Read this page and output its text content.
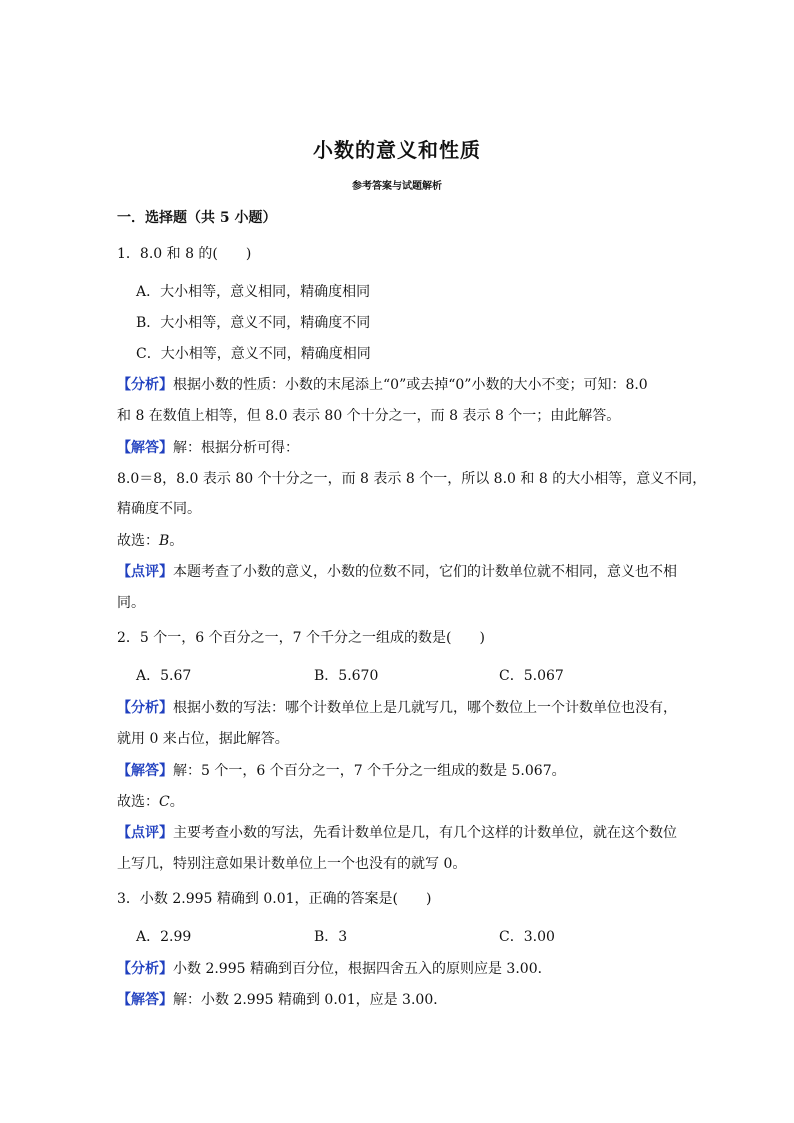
小数的意义和性质
参考答案与试题解析
一．选择题（共 5 小题）
1．8.0 和 8 的(　　)
A．大小相等，意义相同，精确度相同
B．大小相等，意义不同，精确度不同
C．大小相等，意义不同，精确度相同
【分析】根据小数的性质：小数的末尾添上“0”或去掉“0”小数的大小不变；可知：8.0
和 8 在数值上相等，但 8.0 表示 80 个十分之一，而 8 表示 8 个一；由此解答。
【解答】解：根据分析可得：
8.0＝8，8.0 表示 80 个十分之一，而 8 表示 8 个一，所以 8.0 和 8 的大小相等，意义不同，
精确度不同。
故选：B。
【点评】本题考查了小数的意义，小数的位数不同，它们的计数单位就不相同，意义也不相
同。
2．5 个一，6 个百分之一，7 个千分之一组成的数是(　　)
A．5.67	B．5.670	C．5.067
【分析】根据小数的写法：哪个计数单位上是几就写几，哪个数位上一个计数单位也没有，
就用 0 来占位，据此解答。
【解答】解：5 个一，6 个百分之一，7 个千分之一组成的数是 5.067。
故选：C。
【点评】主要考查小数的写法，先看计数单位是几，有几个这样的计数单位，就在这个数位
上写几，特别注意如果计数单位上一个也没有的就写 0。
3．小数 2.995 精确到 0.01，正确的答案是(　　)
A．2.99	B．3	C．3.00
【分析】小数 2.995 精确到百分位，根据四舍五入的原则应是 3.00．
【解答】解：小数 2.995 精确到 0.01，应是 3.00．
